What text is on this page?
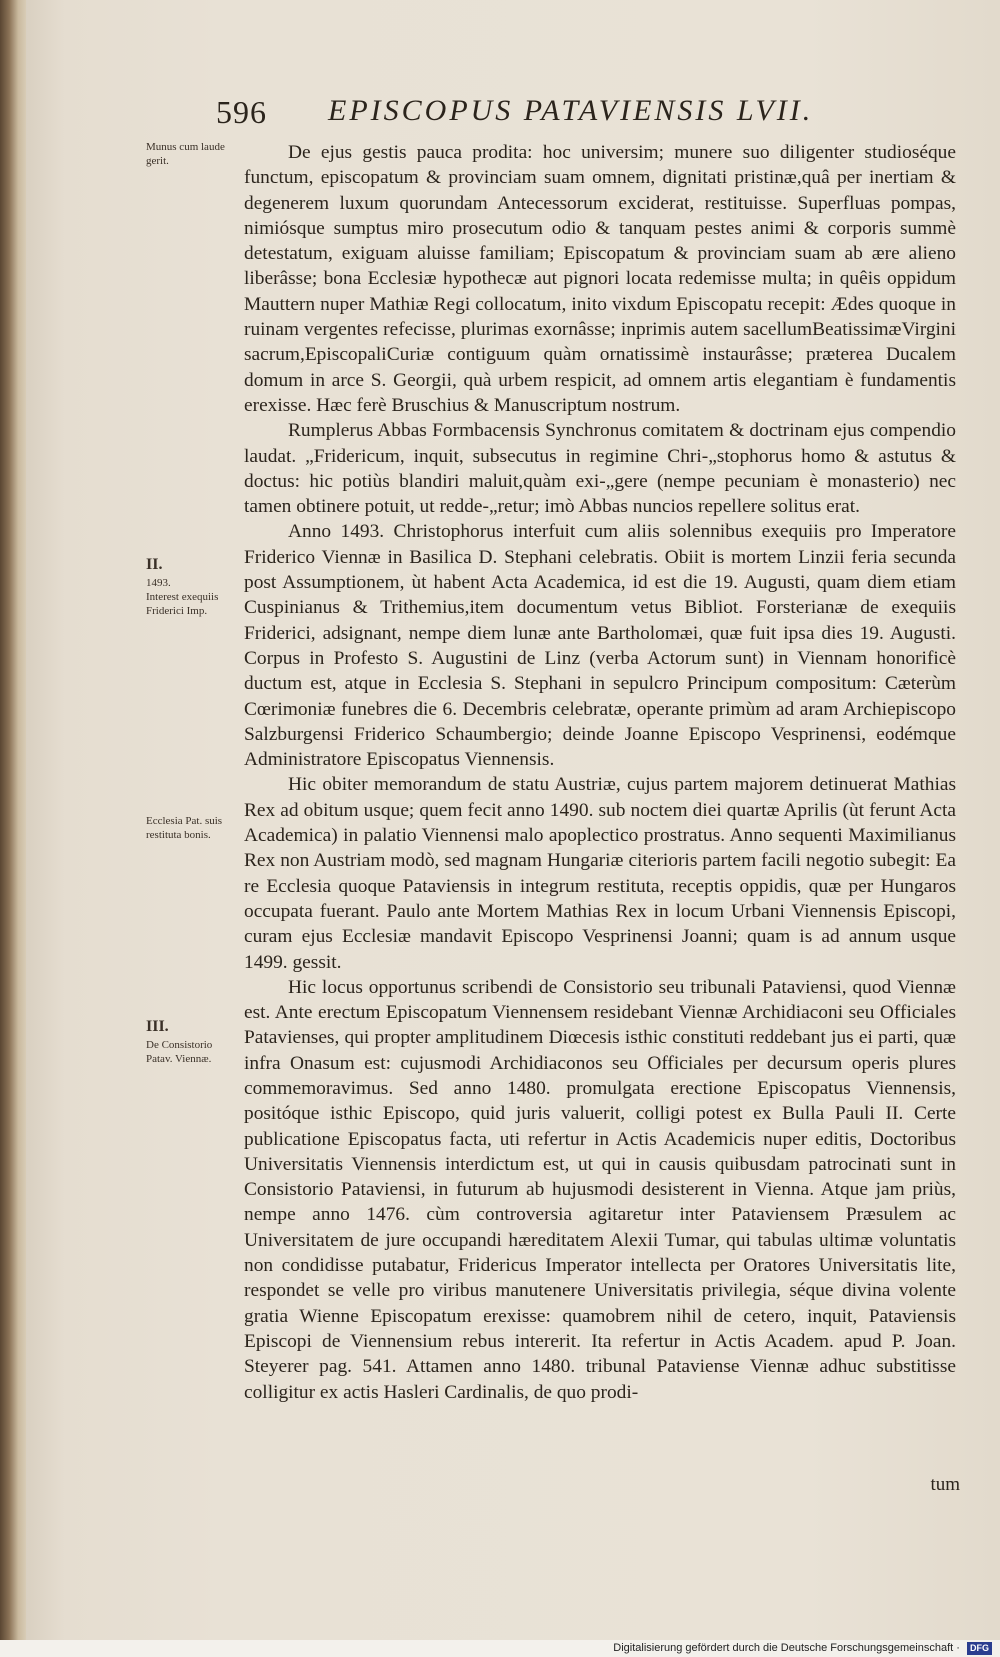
596 EPISCOPUS PATAVIENSIS LVII.
Munus cum laude gerit.
II.
1493.
Interest exequiis Friderici Imp.
Ecclesia Pat. suis restituta bonis.
III.
De Consistorio Patav. Viennæ.

De ejus gestis pauca prodita: hoc universim; munere suo diligenter studioséque functum, episcopatum & provinciam suam omnem, dignitati pristinæ,quâ per inertiam & degenerem luxum quorundam Antecessorum exciderat, restituisse. Superfluas pompas, nimiósque sumptus miro prosecutum odio & tanquam pestes animi & corporis summè detestatum, exiguam aluisse familiam; Episcopatum & provinciam suam ab ære alieno liberâsse; bona Ecclesiæ hypothecæ aut pignori locata redemisse multa; in quêis oppidum Mauttern nuper Mathiæ Regi collocatum, inito vixdum Episcopatu recepit: Ædes quoque in ruinam vergentes refecisse, plurimas exornâsse; inprimis autem sacellumBeatissimæVirgini sacrum,EpiscopaliCuriæ contiguum quàm ornatissimè instaurâsse; præterea Ducalem domum in arce S. Georgii, quà urbem respicit, ad omnem artis elegantiam è fundamentis erexisse. Hæc ferè Bruschius & Manuscriptum nostrum.

Rumplerus Abbas Formbacensis Synchronus comitatem & doctrinam ejus compendio laudat. „Fridericum, inquit, subsecutus in regimine Chri-„stophorus homo & astutus & doctus: hic potiùs blandiri maluit,quàm exi-„gere (nempe pecuniam è monasterio) nec tamen obtinere potuit, ut redde-„retur; imò Abbas nuncios repellere solitus erat.

Anno 1493. Christophorus interfuit cum aliis solennibus exequiis pro Imperatore Friderico Viennæ in Basilica D. Stephani celebratis. Obiit is mortem Linzii feria secunda post Assumptionem, ùt habent Acta Academica, id est die 19. Augusti, quam diem etiam Cuspinianus & Trithemius,item documentum vetus Bibliot. Forsterianæ de exequiis Friderici, adsignant, nempe diem lunæ ante Bartholomæi, quæ fuit ipsa dies 19. Augusti. Corpus in Profesto S. Augustini de Linz (verba Actorum sunt) in Viennam honorificè ductum est, atque in Ecclesia S. Stephani in sepulcro Principum compositum: Cæterùm Cœrimoniæ funebres die 6. Decembris celebratæ, operante primùm ad aram Archiepiscopo Salzburgensi Friderico Schaumbergio; deinde Joanne Episcopo Vesprinensi, eodémque Administratore Episcopatus Viennensis.

Hic obiter memorandum de statu Austriæ, cujus partem majorem detinuerat Mathias Rex ad obitum usque; quem fecit anno 1490. sub noctem diei quartæ Aprilis (ùt ferunt Acta Academica) in palatio Viennensi malo apoplectico prostratus. Anno sequenti Maximilianus Rex non Austriam modò, sed magnam Hungariæ citerioris partem facili negotio subegit: Ea re Ecclesia quoque Pataviensis in integrum restituta, receptis oppidis, quæ per Hungaros occupata fuerant. Paulo ante Mortem Mathias Rex in locum Urbani Viennensis Episcopi, curam ejus Ecclesiæ mandavit Episcopo Vesprinensi Joanni; quam is ad annum usque 1499. gessit.

Hic locus opportunus scribendi de Consistorio seu tribunali Pataviensi, quod Viennæ est. Ante erectum Episcopatum Viennensem residebant Viennæ Archidiaconi seu Officiales Patavienses, qui propter amplitudinem Diœcesis isthic constituti reddebant jus ei parti, quæ infra Onasum est: cujusmodi Archidiaconos seu Officiales per decursum operis plures commemoravimus. Sed anno 1480. promulgata erectione Episcopatus Viennensis, positóque isthic Episcopo, quid juris valuerit, colligi potest ex Bulla Pauli II. Certe publicatione Episcopatus facta, uti refertur in Actis Academicis nuper editis, Doctoribus Universitatis Viennensis interdictum est, ut qui in causis quibusdam patrocinati sunt in Consistorio Pataviensi, in futurum ab hujusmodi desisterent in Vienna. Atque jam priùs, nempe anno 1476. cùm controversia agitaretur inter Pataviensem Præsulem ac Universitatem de jure occupandi hæreditatem Alexii Tumar, qui tabulas ultimæ voluntatis non condidisse putabatur, Fridericus Imperator intellecta per Oratores Universitatis lite, respondet se velle pro viribus manutenere Universitatis privilegia, séque divina volente gratia Wienne Episcopatum erexisse: quamobrem nihil de cetero, inquit, Pataviensis Episcopi de Viennensium rebus intererit. Ita refertur in Actis Academ. apud P. Joan. Steyerer pag. 541. Attamen anno 1480. tribunal Pataviense Viennæ adhuc substitisse colligitur ex actis Hasleri Cardinalis, de quo prodi-

tum
Digitalisierung gefördert durch die Deutsche Forschungsgemeinschaft · DFG
